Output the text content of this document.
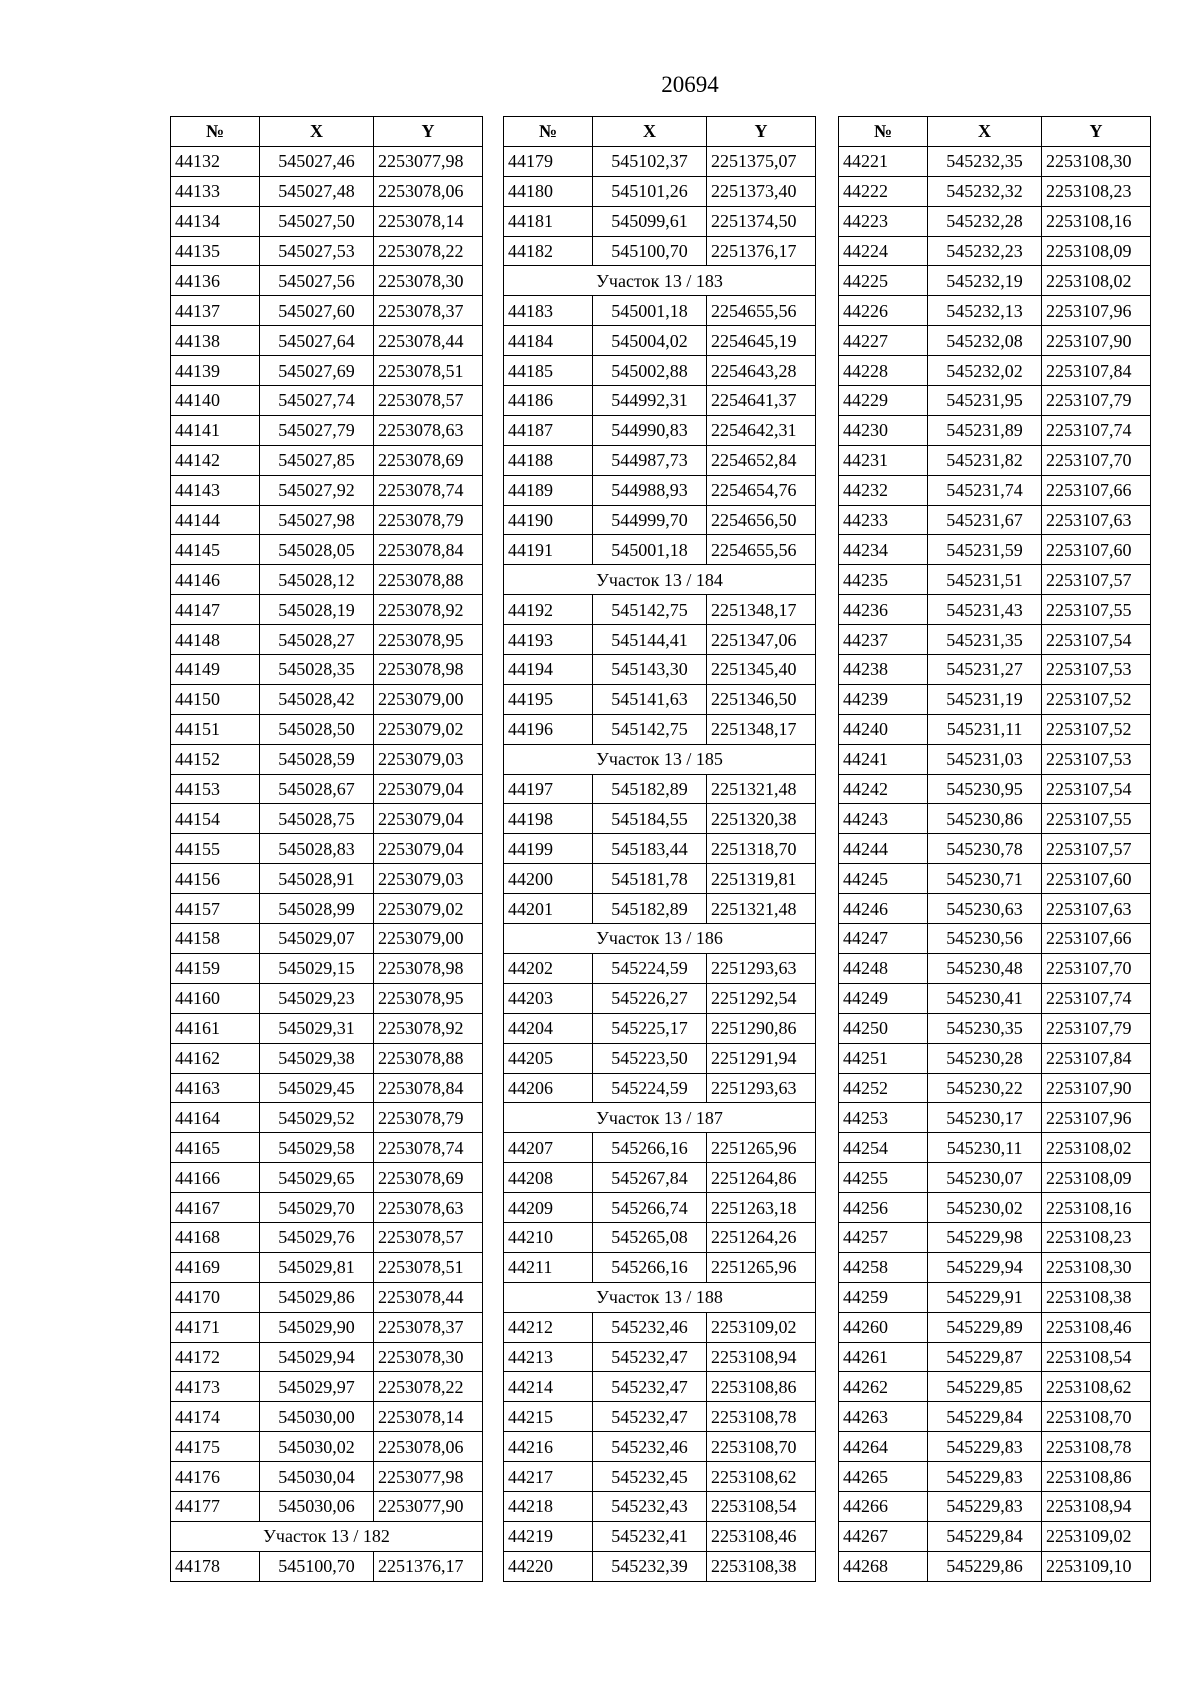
20694
№	X	Y
44132	545027,46	2253077,98
44133	545027,48	2253078,06
44134	545027,50	2253078,14
44135	545027,53	2253078,22
44136	545027,56	2253078,30
44137	545027,60	2253078,37
44138	545027,64	2253078,44
44139	545027,69	2253078,51
44140	545027,74	2253078,57
44141	545027,79	2253078,63
44142	545027,85	2253078,69
44143	545027,92	2253078,74
44144	545027,98	2253078,79
44145	545028,05	2253078,84
44146	545028,12	2253078,88
44147	545028,19	2253078,92
44148	545028,27	2253078,95
44149	545028,35	2253078,98
44150	545028,42	2253079,00
44151	545028,50	2253079,02
44152	545028,59	2253079,03
44153	545028,67	2253079,04
44154	545028,75	2253079,04
44155	545028,83	2253079,04
44156	545028,91	2253079,03
44157	545028,99	2253079,02
44158	545029,07	2253079,00
44159	545029,15	2253078,98
44160	545029,23	2253078,95
44161	545029,31	2253078,92
44162	545029,38	2253078,88
44163	545029,45	2253078,84
44164	545029,52	2253078,79
44165	545029,58	2253078,74
44166	545029,65	2253078,69
44167	545029,70	2253078,63
44168	545029,76	2253078,57
44169	545029,81	2253078,51
44170	545029,86	2253078,44
44171	545029,90	2253078,37
44172	545029,94	2253078,30
44173	545029,97	2253078,22
44174	545030,00	2253078,14
44175	545030,02	2253078,06
44176	545030,04	2253077,98
44177	545030,06	2253077,90
Участок 13 / 182		
44178	545100,70	2251376,17
№	X	Y
44179	545102,37	2251375,07
44180	545101,26	2251373,40
44181	545099,61	2251374,50
44182	545100,70	2251376,17
Участок 13 / 183		
44183	545001,18	2254655,56
44184	545004,02	2254645,19
44185	545002,88	2254643,28
44186	544992,31	2254641,37
44187	544990,83	2254642,31
44188	544987,73	2254652,84
44189	544988,93	2254654,76
44190	544999,70	2254656,50
44191	545001,18	2254655,56
Участок 13 / 184		
44192	545142,75	2251348,17
44193	545144,41	2251347,06
44194	545143,30	2251345,40
44195	545141,63	2251346,50
44196	545142,75	2251348,17
Участок 13 / 185		
44197	545182,89	2251321,48
44198	545184,55	2251320,38
44199	545183,44	2251318,70
44200	545181,78	2251319,81
44201	545182,89	2251321,48
Участок 13 / 186		
44202	545224,59	2251293,63
44203	545226,27	2251292,54
44204	545225,17	2251290,86
44205	545223,50	2251291,94
44206	545224,59	2251293,63
Участок 13 / 187		
44207	545266,16	2251265,96
44208	545267,84	2251264,86
44209	545266,74	2251263,18
44210	545265,08	2251264,26
44211	545266,16	2251265,96
Участок 13 / 188		
44212	545232,46	2253109,02
44213	545232,47	2253108,94
44214	545232,47	2253108,86
44215	545232,47	2253108,78
44216	545232,46	2253108,70
44217	545232,45	2253108,62
44218	545232,43	2253108,54
44219	545232,41	2253108,46
44220	545232,39	2253108,38
№	X	Y
44221	545232,35	2253108,30
44222	545232,32	2253108,23
44223	545232,28	2253108,16
44224	545232,23	2253108,09
44225	545232,19	2253108,02
44226	545232,13	2253107,96
44227	545232,08	2253107,90
44228	545232,02	2253107,84
44229	545231,95	2253107,79
44230	545231,89	2253107,74
44231	545231,82	2253107,70
44232	545231,74	2253107,66
44233	545231,67	2253107,63
44234	545231,59	2253107,60
44235	545231,51	2253107,57
44236	545231,43	2253107,55
44237	545231,35	2253107,54
44238	545231,27	2253107,53
44239	545231,19	2253107,52
44240	545231,11	2253107,52
44241	545231,03	2253107,53
44242	545230,95	2253107,54
44243	545230,86	2253107,55
44244	545230,78	2253107,57
44245	545230,71	2253107,60
44246	545230,63	2253107,63
44247	545230,56	2253107,66
44248	545230,48	2253107,70
44249	545230,41	2253107,74
44250	545230,35	2253107,79
44251	545230,28	2253107,84
44252	545230,22	2253107,90
44253	545230,17	2253107,96
44254	545230,11	2253108,02
44255	545230,07	2253108,09
44256	545230,02	2253108,16
44257	545229,98	2253108,23
44258	545229,94	2253108,30
44259	545229,91	2253108,38
44260	545229,89	2253108,46
44261	545229,87	2253108,54
44262	545229,85	2253108,62
44263	545229,84	2253108,70
44264	545229,83	2253108,78
44265	545229,83	2253108,86
44266	545229,83	2253108,94
44267	545229,84	2253109,02
44268	545229,86	2253109,10
